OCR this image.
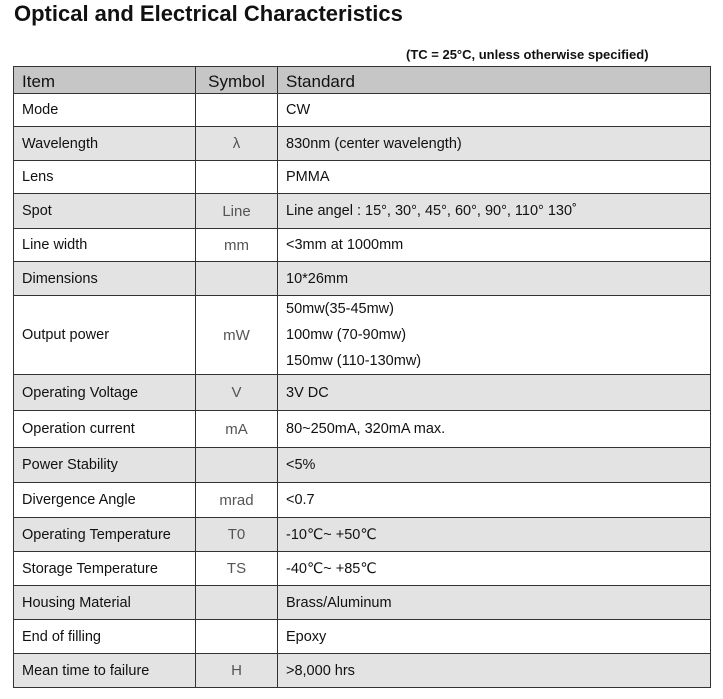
Optical and Electrical Characteristics
(TC = 25°C, unless otherwise specified)
Item	Symbol	Standard
Mode		CW

Wavelength	λ	830nm (center wavelength)

Lens		PMMA

Spot	Line	Line angel : 15°, 30°, 45°, 60°, 90°, 110° 130˚

Line width	mm	<3mm at 1000mm

Dimensions		10*26mm

Output power	mW	50mw(35-45mw)
100mw (70-90mw)
150mw (110-130mw)

Operating Voltage	V	3V DC

Operation current	mA	80~250mA, 320mA max.

Power Stability		<5%

Divergence Angle	mrad	<0.7

Operating Temperature	T0	-10℃~ +50℃

Storage Temperature	TS	-40℃~ +85℃

Housing Material		Brass/Aluminum

End of filling		Epoxy

Mean time to failure	H	>8,000 hrs
